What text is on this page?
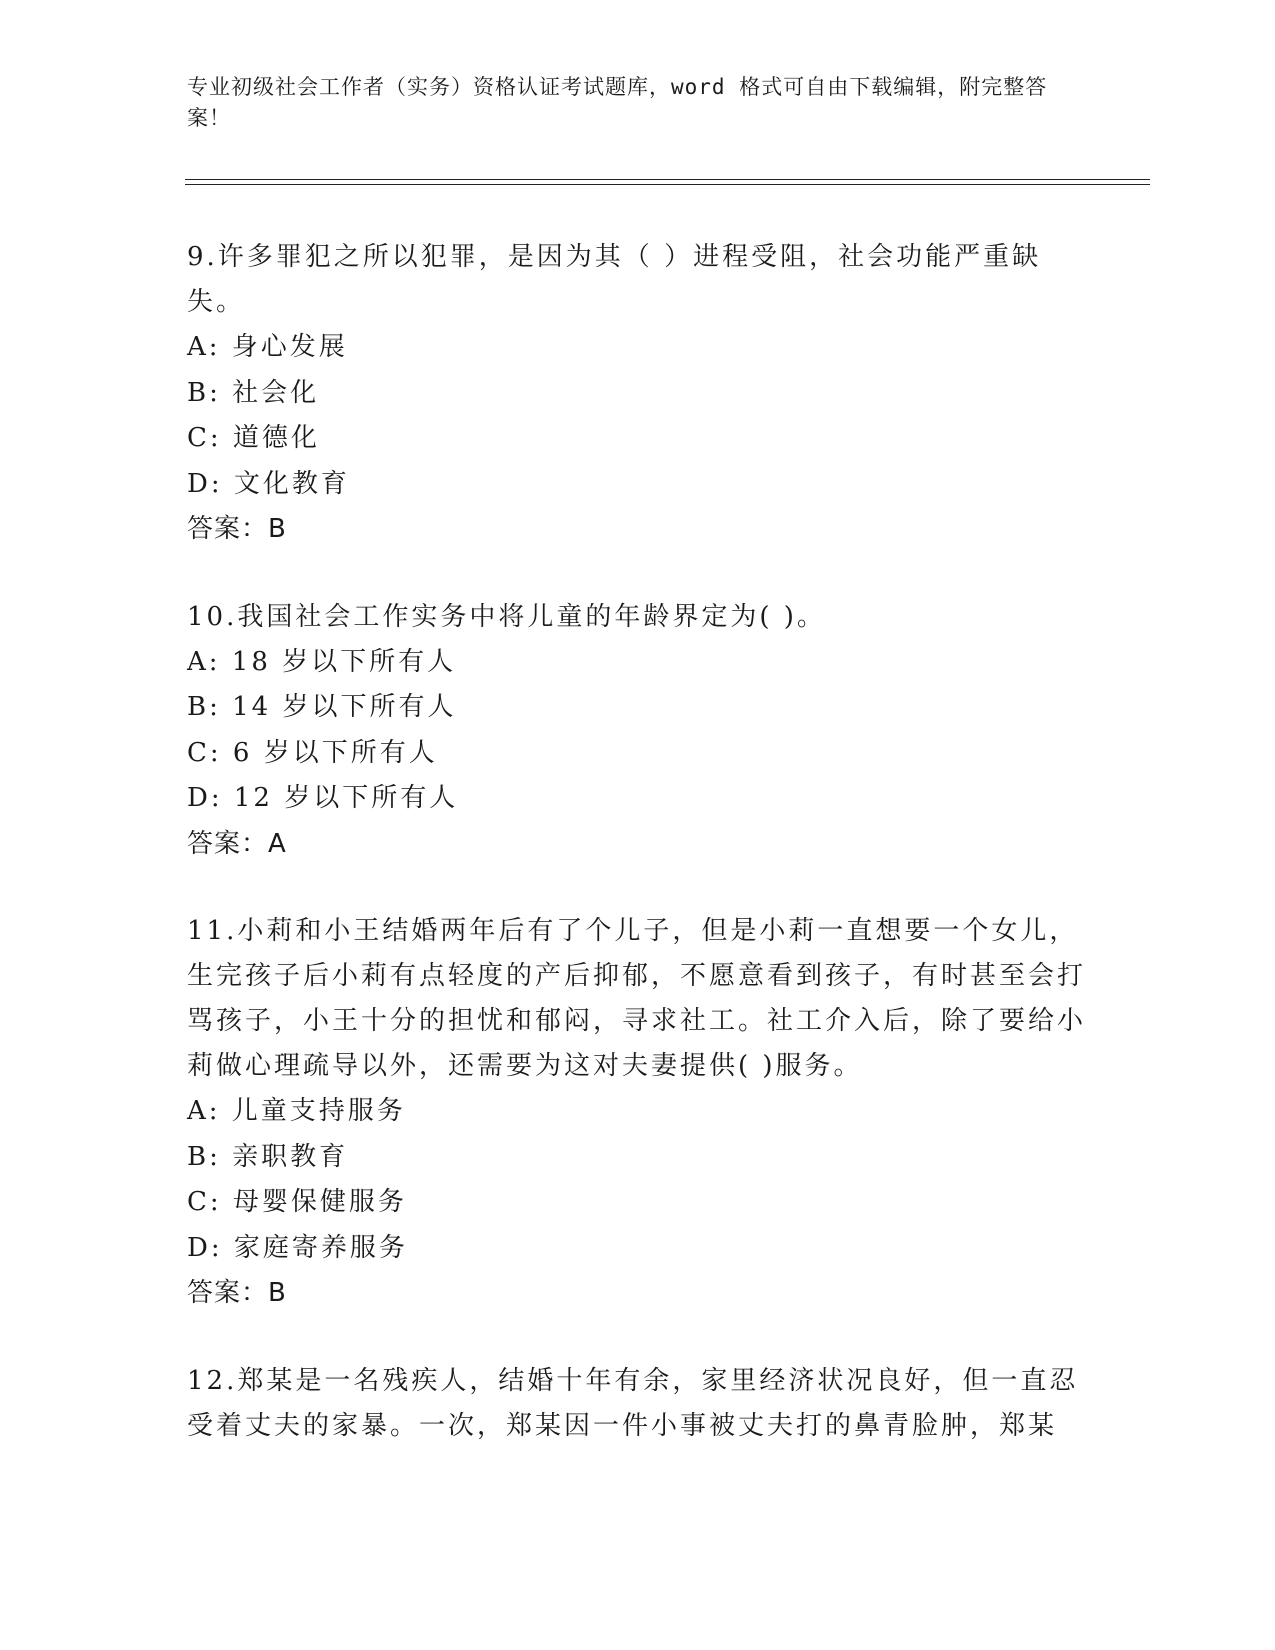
专业初级社会工作者（实务）资格认证考试题库，word 格式可自由下载编辑，附完整答案！
9.许多罪犯之所以犯罪，是因为其（ ）进程受阻，社会功能严重缺失。
A: 身心发展
B: 社会化
C: 道德化
D: 文化教育
答案：B
10.我国社会工作实务中将儿童的年龄界定为( )。
A: 18 岁以下所有人
B: 14 岁以下所有人
C: 6 岁以下所有人
D: 12 岁以下所有人
答案：A
11.小莉和小王结婚两年后有了个儿子，但是小莉一直想要一个女儿，生完孩子后小莉有点轻度的产后抑郁，不愿意看到孩子，有时甚至会打骂孩子，小王十分的担忧和郁闷，寻求社工。社工介入后，除了要给小莉做心理疏导以外，还需要为这对夫妻提供( )服务。
A: 儿童支持服务
B: 亲职教育
C: 母婴保健服务
D: 家庭寄养服务
答案：B
12.郑某是一名残疾人，结婚十年有余，家里经济状况良好，但一直忍受着丈夫的家暴。一次，郑某因一件小事被丈夫打的鼻青脸肿，郑某
